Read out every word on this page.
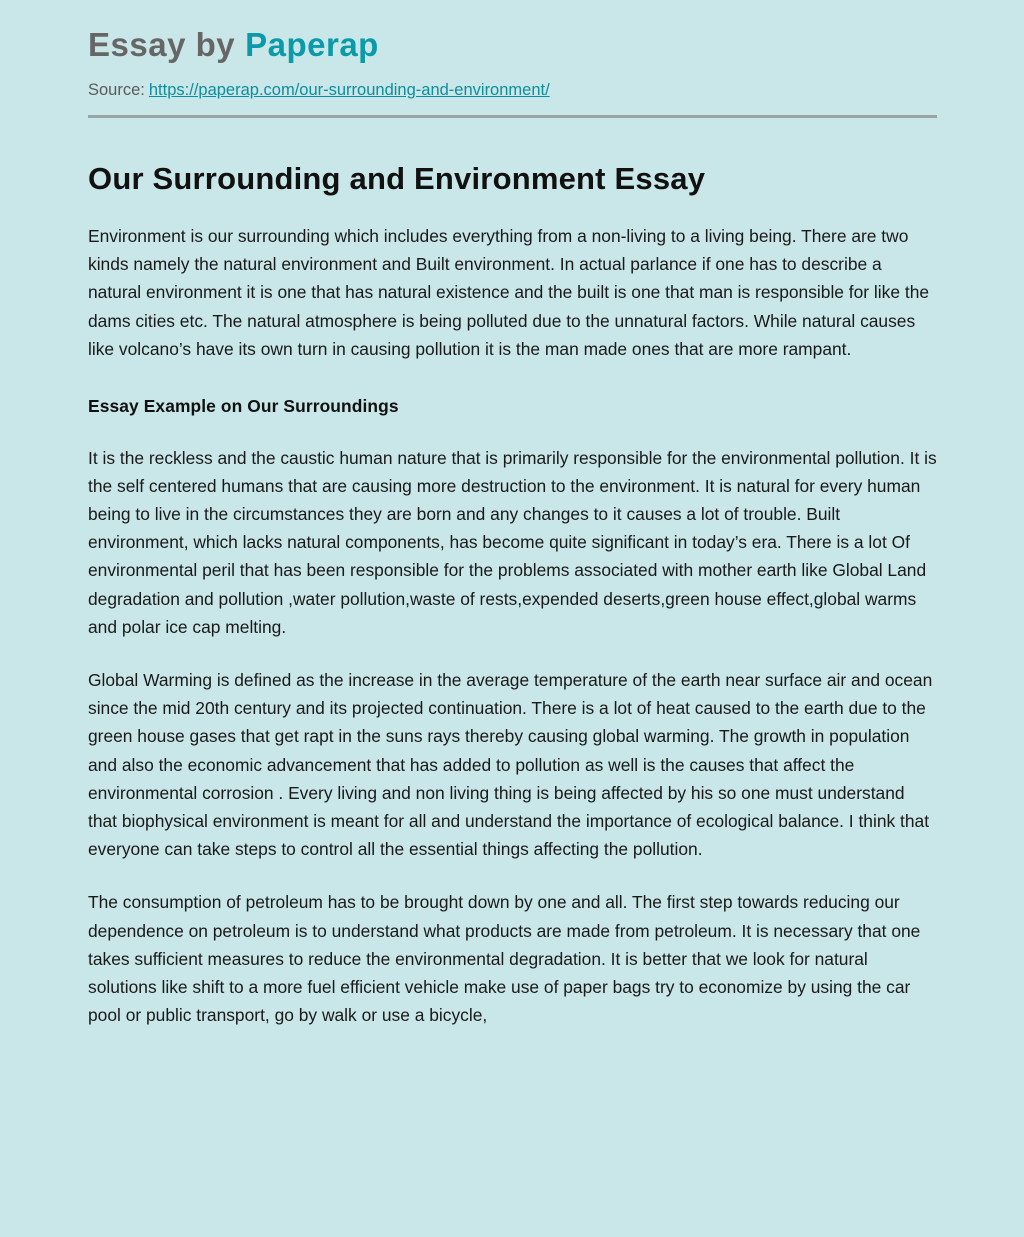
Essay by Paperap
Source: https://paperap.com/our-surrounding-and-environment/
Our Surrounding and Environment Essay

Environment is our surrounding which includes everything from a non-living to a living being. There are two kinds namely the natural environment and Built environment. In actual parlance if one has to describe a natural environment it is one that has natural existence and the built is one that man is responsible for like the dams cities etc. The natural atmosphere is being polluted due to the unnatural factors. While natural causes like volcano’s have its own turn in causing pollution it is the man made ones that are more rampant.

Essay Example on Our Surroundings

It is the reckless and the caustic human nature that is primarily responsible for the environmental pollution. It is the self centered humans that are causing more destruction to the environment. It is natural for every human being to live in the circumstances they are born and any changes to it causes a lot of trouble. Built environment, which lacks natural components, has become quite significant in today’s era. There is a lot Of environmental peril that has been responsible for the problems associated with mother earth like Global Land degradation and pollution ,water pollution,waste of rests,expended deserts,green house effect,global warms and polar ice cap melting.

Global Warming is defined as the increase in the average temperature of the earth near surface air and ocean since the mid 20th century and its projected continuation. There is a lot of heat caused to the earth due to the green house gases that get rapt in the suns rays thereby causing global warming. The growth in population and also the economic advancement that has added to pollution as well is the causes that affect the environmental corrosion . Every living and non living thing is being affected by his so one must understand that biophysical environment is meant for all and understand the importance of ecological balance. I think that everyone can take steps to control all the essential things affecting the pollution.

The consumption of petroleum has to be brought down by one and all. The first step towards reducing our dependence on petroleum is to understand what products are made from petroleum. It is necessary that one takes sufficient measures to reduce the environmental degradation. It is better that we look for natural solutions like shift to a more fuel efficient vehicle make use of paper bags try to economize by using the car pool or public transport, go by walk or use a bicycle,
